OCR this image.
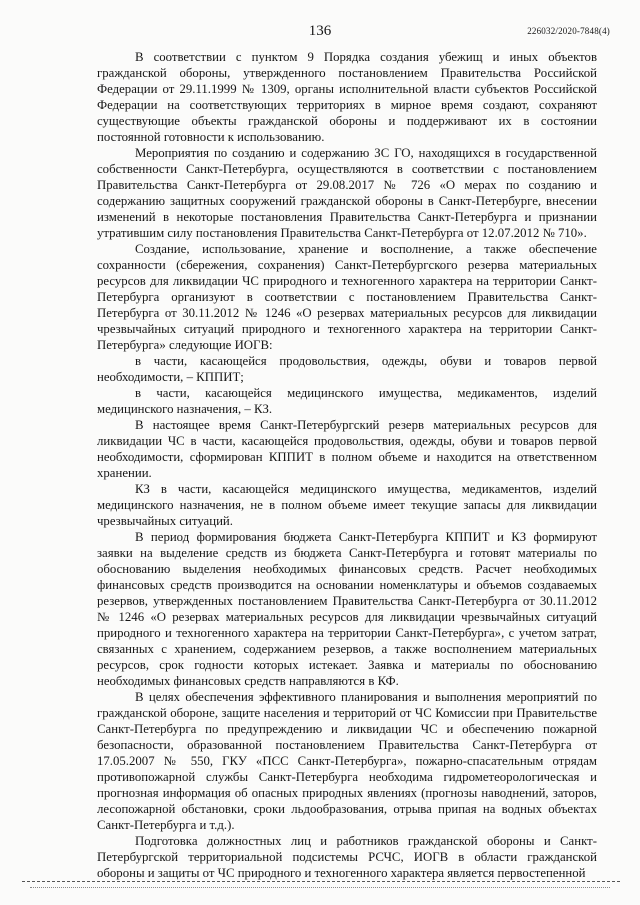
136	226032/2020-7848(4)

В соответствии с пунктом 9 Порядка создания убежищ и иных объектов гражданской обороны, утвержденного постановлением Правительства Российской Федерации от 29.11.1999 № 1309, органы исполнительной власти субъектов Российской Федерации на соответствующих территориях в мирное время создают, сохраняют существующие объекты гражданской обороны и поддерживают их в состоянии постоянной готовности к использованию.

Мероприятия по созданию и содержанию ЗС ГО, находящихся в государственной собственности Санкт-Петербурга, осуществляются в соответствии с постановлением Правительства Санкт-Петербурга от 29.08.2017 № 726 «О мерах по созданию и содержанию защитных сооружений гражданской обороны в Санкт-Петербурге, внесении изменений в некоторые постановления Правительства Санкт-Петербурга и признании утратившим силу постановления Правительства Санкт-Петербурга от 12.07.2012 № 710».

Создание, использование, хранение и восполнение, а также обеспечение сохранности (сбережения, сохранения) Санкт-Петербургского резерва материальных ресурсов для ликвидации ЧС природного и техногенного характера на территории Санкт-Петербурга организуют в соответствии с постановлением Правительства Санкт-Петербурга от 30.11.2012 № 1246 «О резервах материальных ресурсов для ликвидации чрезвычайных ситуаций природного и техногенного характера на территории Санкт-Петербурга» следующие ИОГВ:

в части, касающейся продовольствия, одежды, обуви и товаров первой необходимости, – КППИТ;

в части, касающейся медицинского имущества, медикаментов, изделий медицинского назначения, – КЗ.

В настоящее время Санкт-Петербургский резерв материальных ресурсов для ликвидации ЧС в части, касающейся продовольствия, одежды, обуви и товаров первой необходимости, сформирован КППИТ в полном объеме и находится на ответственном хранении.

КЗ в части, касающейся медицинского имущества, медикаментов, изделий медицинского назначения, не в полном объеме имеет текущие запасы для ликвидации чрезвычайных ситуаций.

В период формирования бюджета Санкт-Петербурга КППИТ и КЗ формируют заявки на выделение средств из бюджета Санкт-Петербурга и готовят материалы по обоснованию выделения необходимых финансовых средств. Расчет необходимых финансовых средств производится на основании номенклатуры и объемов создаваемых резервов, утвержденных постановлением Правительства Санкт-Петербурга от 30.11.2012 № 1246 «О резервах материальных ресурсов для ликвидации чрезвычайных ситуаций природного и техногенного характера на территории Санкт-Петербурга», с учетом затрат, связанных с хранением, содержанием резервов, а также восполнением материальных ресурсов, срок годности которых истекает. Заявка и материалы по обоснованию необходимых финансовых средств направляются в КФ.

В целях обеспечения эффективного планирования и выполнения мероприятий по гражданской обороне, защите населения и территорий от ЧС Комиссии при Правительстве Санкт-Петербурга по предупреждению и ликвидации ЧС и обеспечению пожарной безопасности, образованной постановлением Правительства Санкт-Петербурга от 17.05.2007 № 550, ГКУ «ПСС Санкт-Петербурга», пожарно-спасательным отрядам противопожарной службы Санкт-Петербурга необходима гидрометеорологическая и прогнозная информация об опасных природных явлениях (прогнозы наводнений, заторов, лесопожарной обстановки, сроки льдообразования, отрыва припая на водных объектах Санкт-Петербурга и т.д.).

Подготовка должностных лиц и работников гражданской обороны и Санкт-Петербургской территориальной подсистемы РСЧС, ИОГВ в области гражданской обороны и защиты от ЧС природного и техногенного характера является первостепенной
